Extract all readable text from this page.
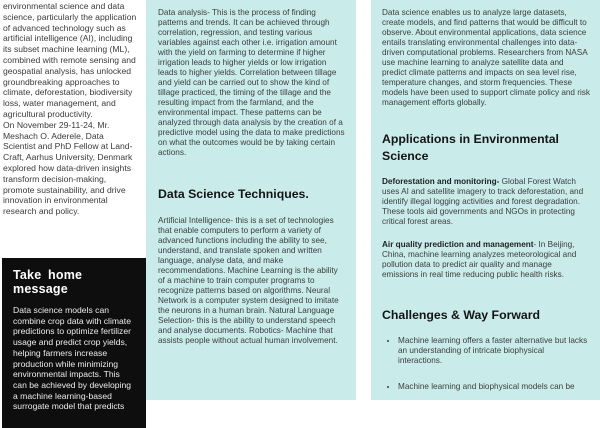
environmental science and data science, particularly the application of advanced technology such as artificial intelligence (AI), including its subset machine learning (ML), combined with remote sensing and geospatial analysis, has unlocked groundbreaking approaches to climate, deforestation, biodiversity loss, water management, and agricultural productivity.

On November 29-11-24, Mr. Meshach O. Aderele, Data Scientist and PhD Fellow at Land-Craft, Aarhus University, Denmark explored how data-driven insights transform decision-making, promote sustainability, and drive innovation in environmental research and policy.

Take home message
Data science models can combine crop data with climate predictions to optimize fertilizer usage and predict crop yields, helping farmers increase production while minimizing environmental impacts. This can be achieved by developing a machine learning-based surrogate model that predicts

Data analysis- This is the process of finding patterns and trends. It can be achieved through correlation, regression, and testing various variables against each other i.e. irrigation amount with the yield on farming to determine if higher irrigation leads to higher yields or low irrigation leads to higher yields. Correlation between tillage and yield can be carried out to show the kind of tillage practiced, the timing of the tillage and the resulting impact from the farmland, and the environmental impact. These patterns can be analyzed through data analysis by the creation of a predictive model using the data to make predictions on what the outcomes would be by taking certain actions.

Data Science Techniques.

Artificial Intelligence- this is a set of technologies that enable computers to perform a variety of advanced functions including the ability to see, understand, and translate spoken and written language, analyse data, and make recommendations. Machine Learning is the ability of a machine to train computer programs to recognize patterns based on algorithms. Neural Network is a computer system designed to imitate the neurons in a human brain. Natural Language Selection- this is the ability to understand speech and analyse documents. Robotics- Machine that assists people without actual human involvement.

Data science enables us to analyze large datasets, create models, and find patterns that would be difficult to observe. About environmental applications, data science entails translating environmental challenges into data-driven computational problems. Researchers from NASA use machine learning to analyze satellite data and predict climate patterns and impacts on sea level rise, temperature changes, and storm frequencies. These models have been used to support climate policy and risk management efforts globally.

Applications in Environmental Science

Deforestation and monitoring- Global Forest Watch uses AI and satellite imagery to track deforestation, and identify illegal logging activities and forest degradation. These tools aid governments and NGOs in protecting critical forest areas.

Air quality prediction and management- In Beijing, China, machine learning analyzes meteorological and pollution data to predict air quality and manage emissions in real time reducing public health risks.

Challenges & Way Forward
• Machine learning offers a faster alternative but lacks an understanding of intricate biophysical interactions.
• Machine learning and biophysical models can be
